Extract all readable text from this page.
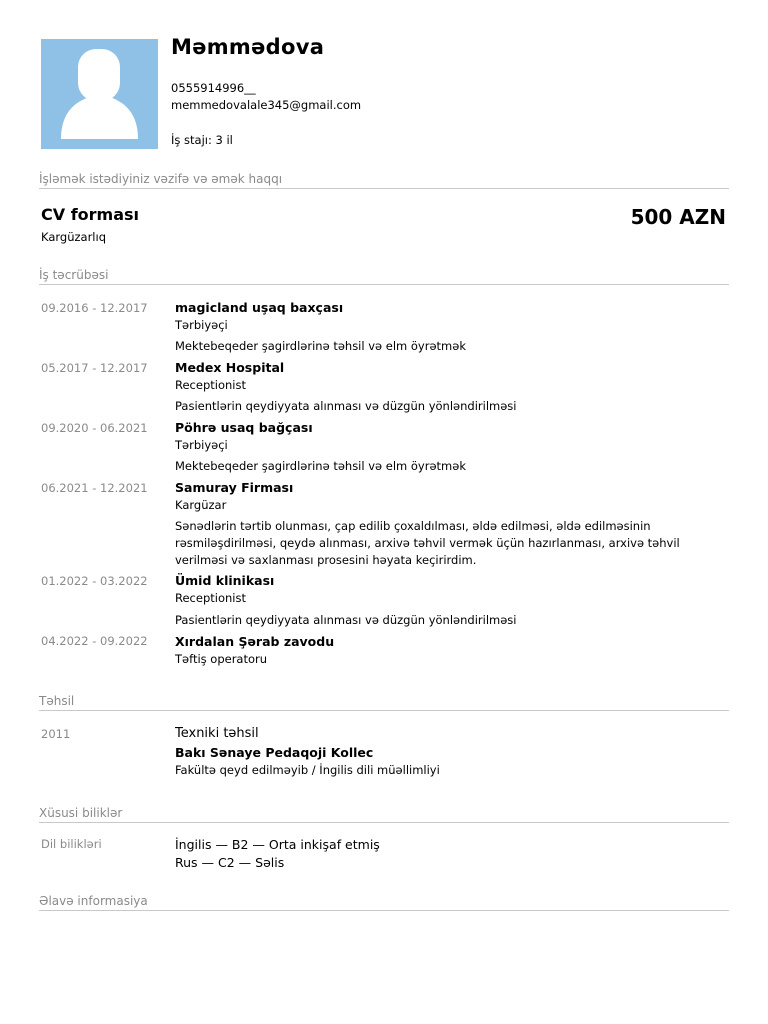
Məmmədova
0555914996__
memmedovalale345@gmail.com
İş stajı: 3 il
İşləmək istədiyiniz vəzifə və əmək haqqı
CV forması
Kargüzarlıq
500 AZN
İş təcrübəsi
09.2016 - 12.2017 magicland uşaq baxçası
Tərbiyəçi
Mektebeqeder şagirdlərinə təhsil və elm öyrətmək
05.2017 - 12.2017 Medex Hospital
Receptionist
Pasientlərin qeydiyyata alınması və düzgün yönləndirilməsi
09.2020 - 06.2021 Pöhrə usaq bağçası
Tərbiyəçi
Mektebeqeder şagirdlərinə təhsil və elm öyrətmək
06.2021 - 12.2021 Samuray Firması
Kargüzar
Sənədlərin tərtib olunması, çap edilib çoxaldılması, əldə edilməsi, əldə edilməsinin rəsmiləşdirilməsi, qeydə alınması, arxivə təhvil vermək üçün hazırlanması, arxivə təhvil verilməsi və saxlanması prosesini həyata keçirirdim.
01.2022 - 03.2022 Ümid klinikası
Receptionist
Pasientlərin qeydiyyata alınması və düzgün yönləndirilməsi
04.2022 - 09.2022 Xırdalan Şərab zavodu
Təftiş operatoru
Təhsil
2011	Texniki təhsil
Bakı Sənaye Pedaqoji Kollec
Fakültə qeyd edilməyib / İngilis dili müəllimliyi
Xüsusi biliklər
Dil bilikləri	İngilis — B2 — Orta inkişaf etmiş
Rus — C2 — Səlis
Əlavə informasiya
